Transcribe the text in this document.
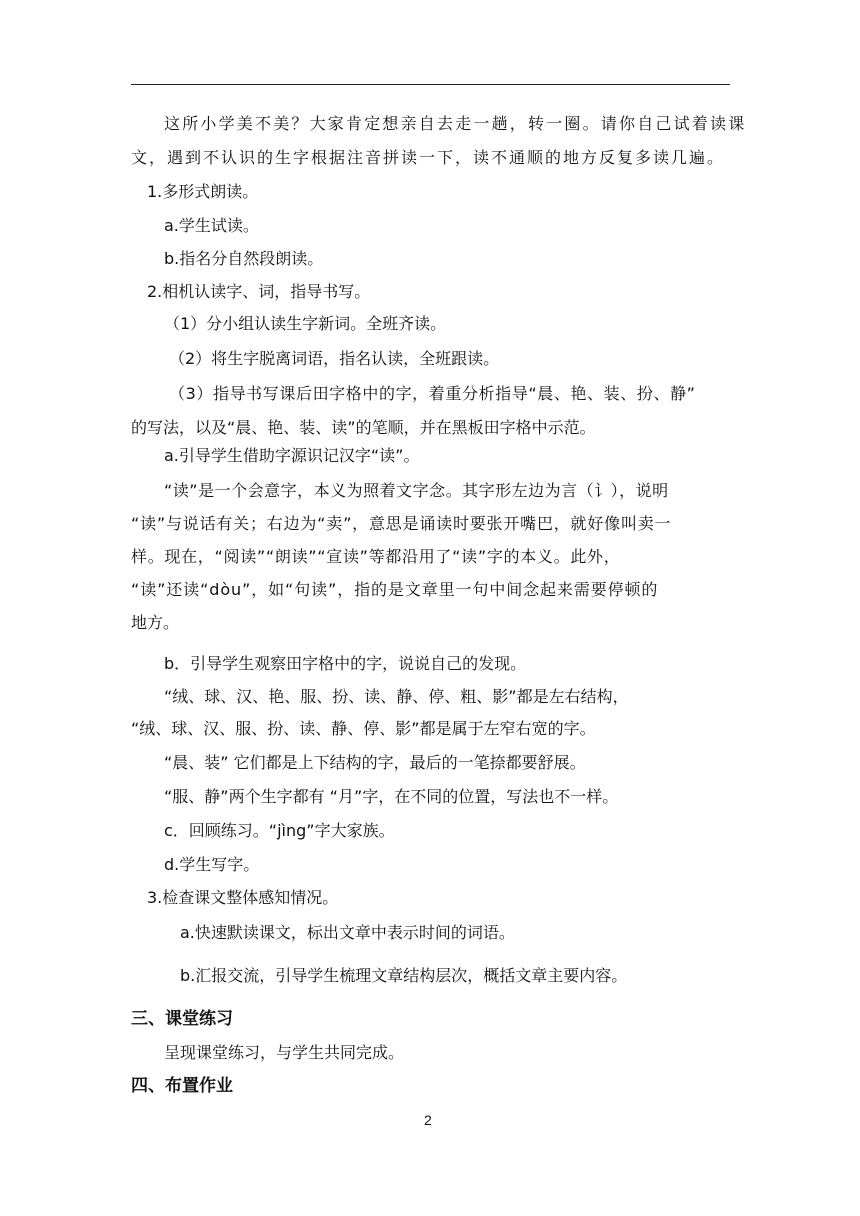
这所小学美不美？大家肯定想亲自去走一趟，转一圈。请你自己试着读课
文，遇到不认识的生字根据注音拼读一下，读不通顺的地方反复多读几遍。
1.多形式朗读。
a.学生试读。
b.指名分自然段朗读。
2.相机认读字、词，指导书写。
（1）分小组认读生字新词。全班齐读。
（2）将生字脱离词语，指名认读，全班跟读。
（3）指导书写课后田字格中的字，着重分析指导“晨、艳、装、扮、静”
的写法，以及“晨、艳、装、读”的笔顺，并在黑板田字格中示范。
a.引导学生借助字源识记汉字“读”。
“读”是一个会意字，本义为照着文字念。其字形左边为言（讠），说明
“读”与说话有关；右边为“卖”，意思是诵读时要张开嘴巴，就好像叫卖一
样。现在，“阅读”“朗读”“宣读”等都沿用了“读”字的本义。此外，
“读”还读“dòu”，如“句读”，指的是文章里一句中间念起来需要停顿的
地方。
b．引导学生观察田字格中的字，说说自己的发现。
“绒、球、汉、艳、服、扮、读、静、停、粗、影”都是左右结构，
“绒、球、汉、服、扮、读、静、停、影”都是属于左窄右宽的字。
“晨、装” 它们都是上下结构的字，最后的一笔捺都要舒展。
“服、静”两个生字都有 “月”字，在不同的位置，写法也不一样。
c．回顾练习。“jìng”字大家族。
d.学生写字。
3.检查课文整体感知情况。
a.快速默读课文，标出文章中表示时间的词语。
b.汇报交流，引导学生梳理文章结构层次，概括文章主要内容。
三、课堂练习
呈现课堂练习，与学生共同完成。
四、布置作业
2
